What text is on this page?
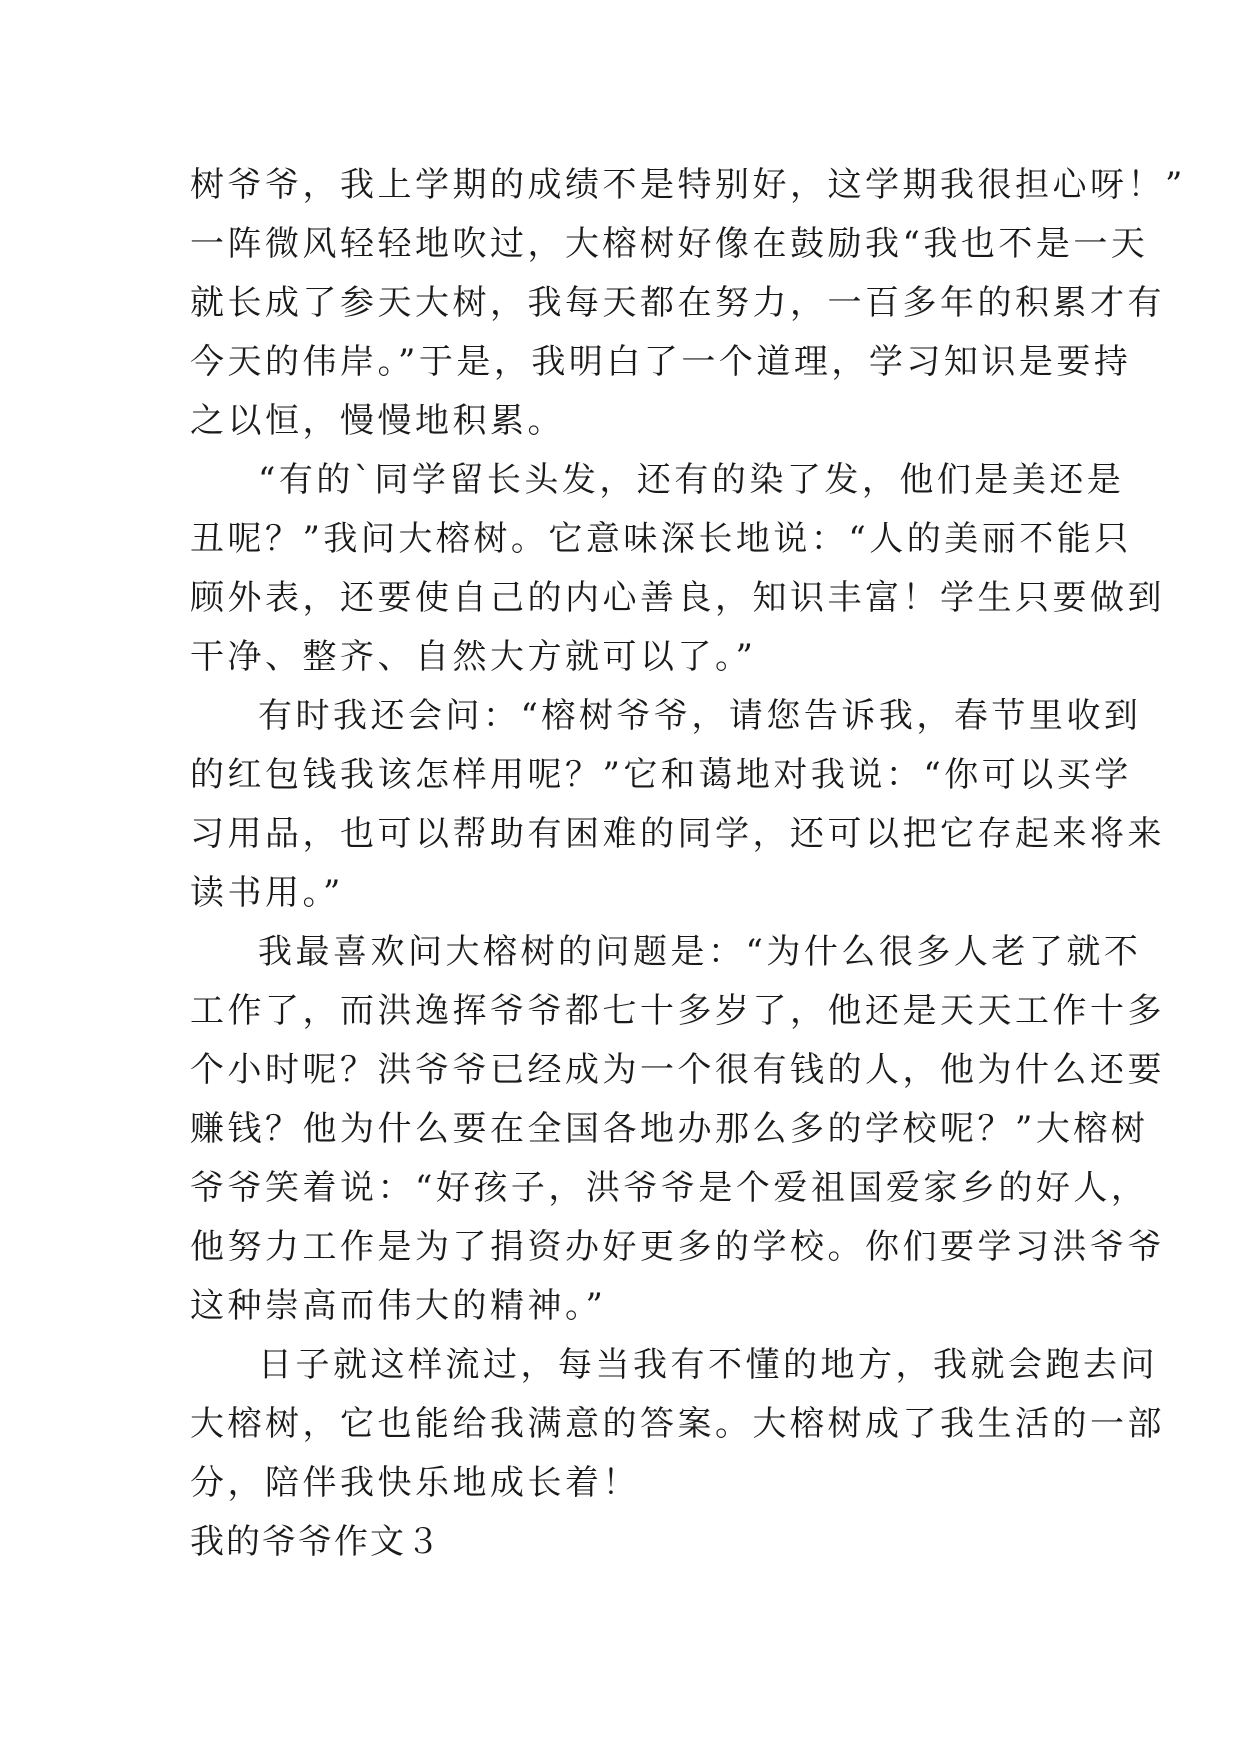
树爷爷，我上学期的成绩不是特别好，这学期我很担心呀！”
一阵微风轻轻地吹过，大榕树好像在鼓励我“我也不是一天
就长成了参天大树，我每天都在努力，一百多年的积累才有
今天的伟岸。”于是，我明白了一个道理，学习知识是要持
之以恒，慢慢地积累。
“有的`同学留长头发，还有的染了发，他们是美还是
丑呢？”我问大榕树。它意味深长地说：“人的美丽不能只
顾外表，还要使自己的内心善良，知识丰富！学生只要做到
干净、整齐、自然大方就可以了。”
有时我还会问：“榕树爷爷，请您告诉我，春节里收到
的红包钱我该怎样用呢？”它和蔼地对我说：“你可以买学
习用品，也可以帮助有困难的同学，还可以把它存起来将来
读书用。”
我最喜欢问大榕树的问题是：“为什么很多人老了就不
工作了，而洪逸挥爷爷都七十多岁了，他还是天天工作十多
个小时呢？洪爷爷已经成为一个很有钱的人，他为什么还要
赚钱？他为什么要在全国各地办那么多的学校呢？”大榕树
爷爷笑着说：“好孩子，洪爷爷是个爱祖国爱家乡的好人，
他努力工作是为了捐资办好更多的学校。你们要学习洪爷爷
这种崇高而伟大的精神。”
日子就这样流过，每当我有不懂的地方，我就会跑去问
大榕树，它也能给我满意的答案。大榕树成了我生活的一部
分，陪伴我快乐地成长着！
我的爷爷作文３
